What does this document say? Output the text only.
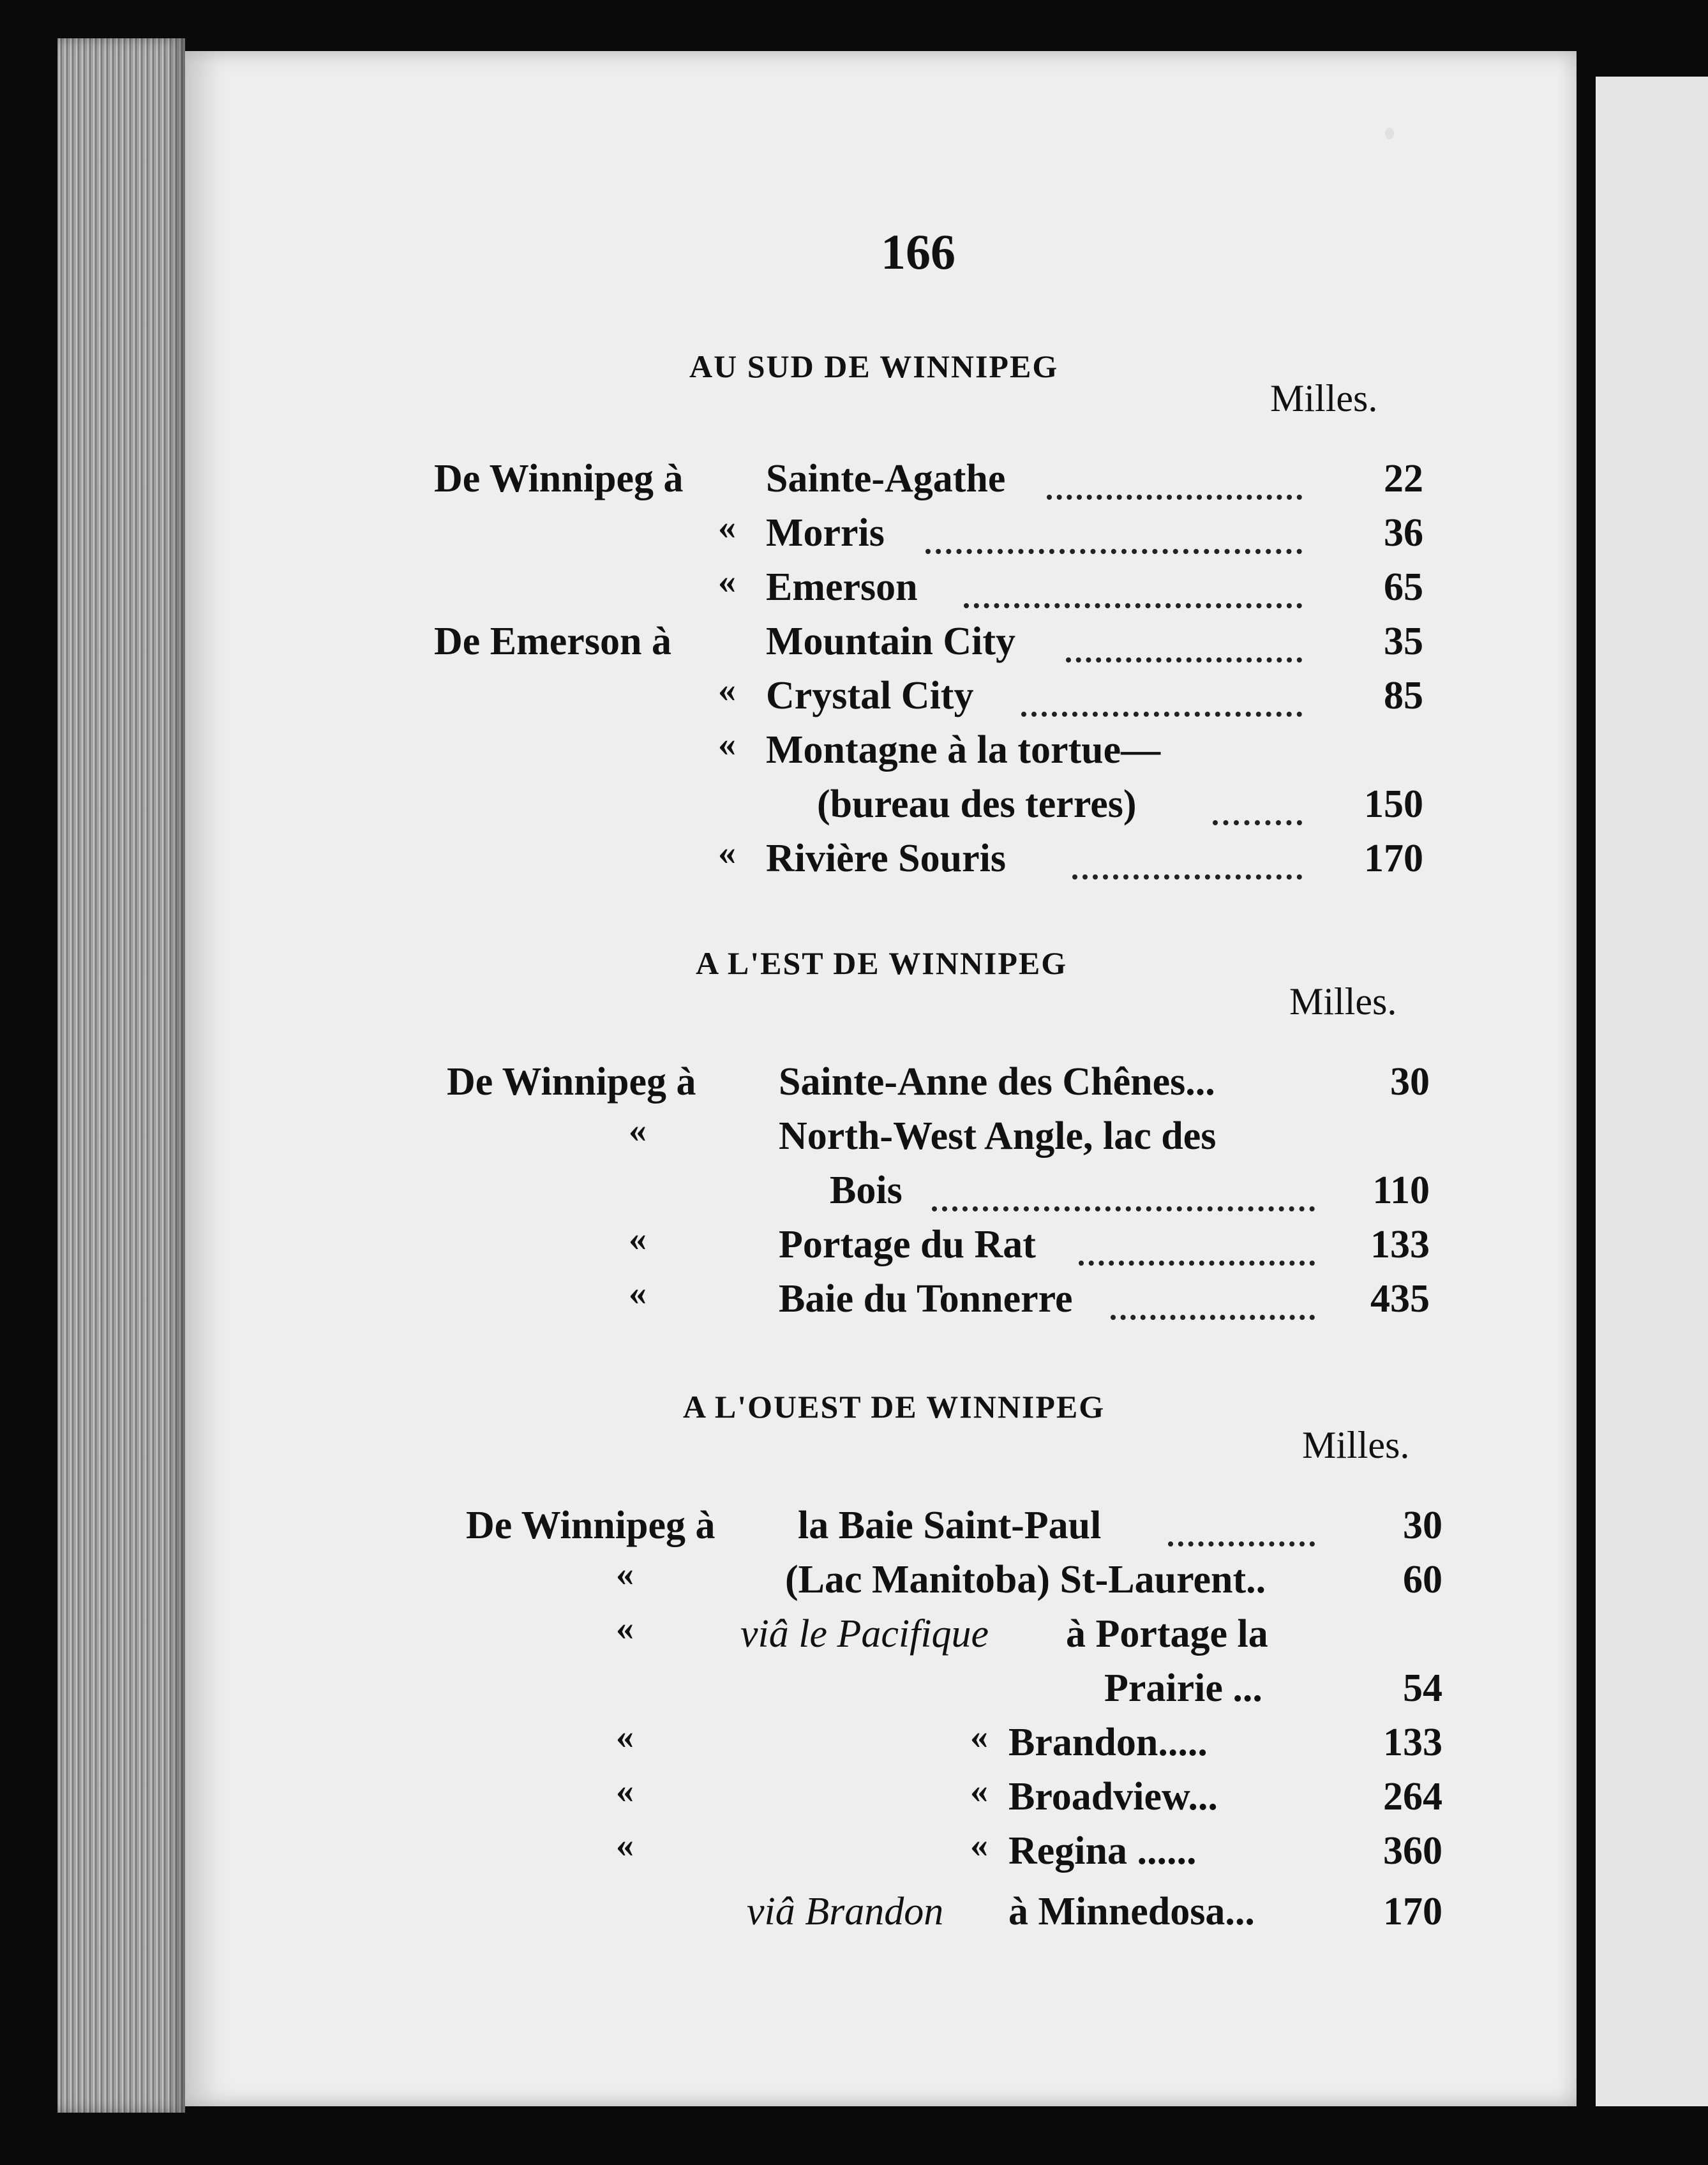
166
AU SUD DE WINNIPEG
Milles.
De Winnipeg à Sainte-Agathe	22
« Morris	36
« Emerson	65
De Emerson à Mountain City	35
« Crystal City	85
« Montagne à la tortue—
(bureau des terres)	150
« Rivière Souris	170
A L'EST DE WINNIPEG
Milles.
De Winnipeg à Sainte-Anne des Chênes...	30
«	North-West Angle, lac des
Bois	110
«	Portage du Rat	133
«	Baie du Tonnerre	435
A L'OUEST DE WINNIPEG
Milles.
De Winnipeg à la Baie Saint-Paul	30
«	(Lac Manitoba) St-Laurent..	60
«	viâ le Pacifique à Portage la
Prairie ...	54
«	« Brandon.....	133
«	« Broadview...	264
«	« Regina ......	360
viâ Brandon à Minnedosa...	170
